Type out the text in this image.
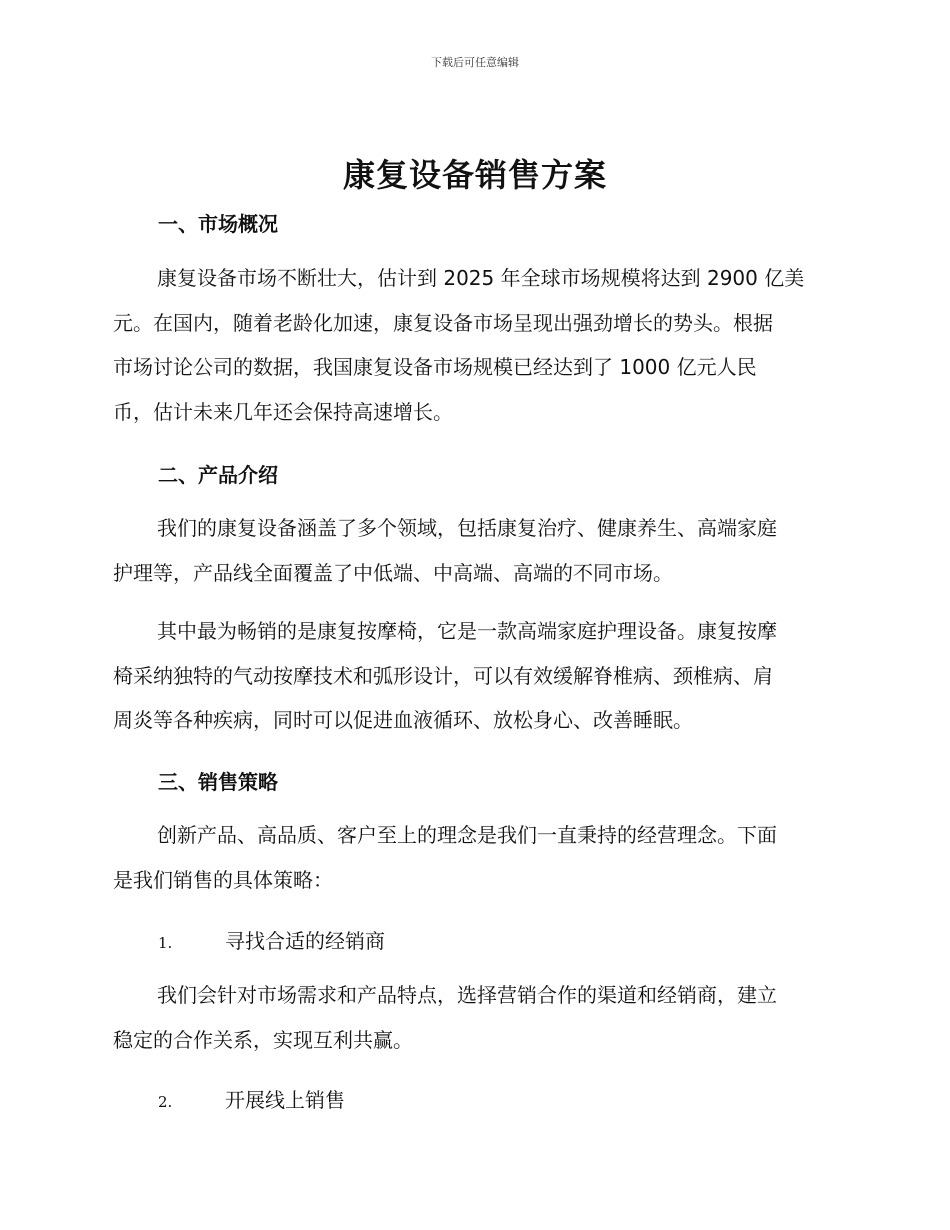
下载后可任意编辑
康复设备销售方案
一、市场概况

康复设备市场不断壮大，估计到 2025 年全球市场规模将达到 2900 亿美
元。在国内，随着老龄化加速，康复设备市场呈现出强劲增长的势头。根据
市场讨论公司的数据，我国康复设备市场规模已经达到了 1000 亿元人民
币，估计未来几年还会保持高速增长。

二、产品介绍

我们的康复设备涵盖了多个领域，包括康复治疗、健康养生、高端家庭
护理等，产品线全面覆盖了中低端、中高端、高端的不同市场。

其中最为畅销的是康复按摩椅，它是一款高端家庭护理设备。康复按摩
椅采纳独特的气动按摩技术和弧形设计，可以有效缓解脊椎病、颈椎病、肩
周炎等各种疾病，同时可以促进血液循环、放松身心、改善睡眠。

三、销售策略

创新产品、高品质、客户至上的理念是我们一直秉持的经营理念。下面
是我们销售的具体策略：

1.	寻找合适的经销商

我们会针对市场需求和产品特点，选择营销合作的渠道和经销商，建立
稳定的合作关系，实现互利共赢。

2.	开展线上销售
